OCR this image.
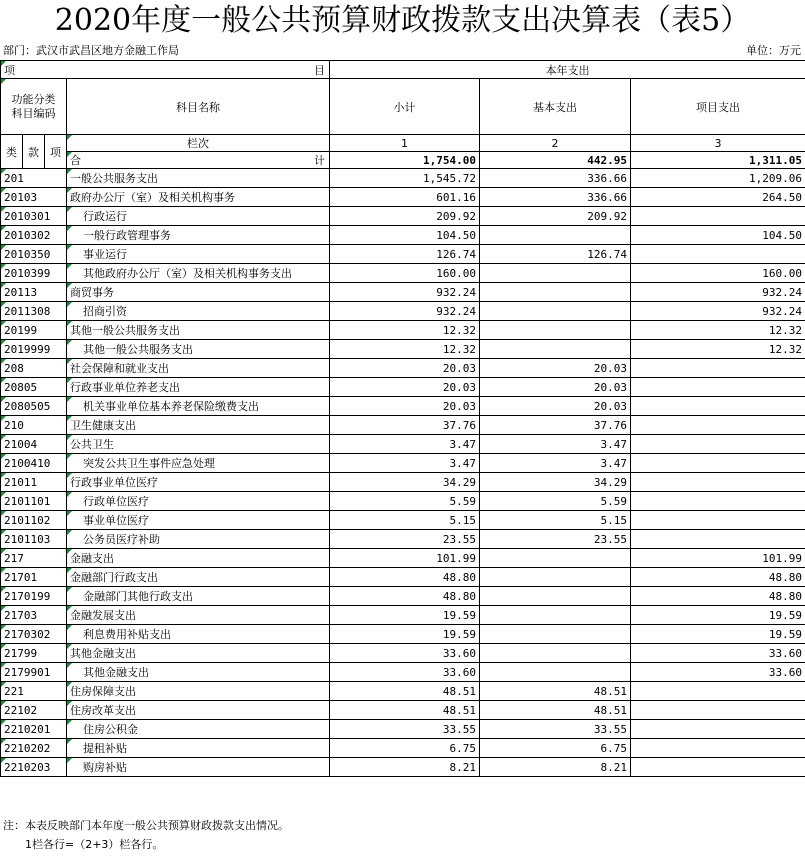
2020年度一般公共预算财政拨款支出决算表（表5）
部门：武汉市武昌区地方金融工作局	单位：万元
项 目				本年支出		
功能分类
科目编码			科目名称	小计	基本支出	项目支出
类	款	项	栏次	1	2	3

			合 计	1,754.00	442.95	1,311.05
201			一般公共服务支出	1,545.72	336.66	1,209.06
20103			政府办公厅（室）及相关机构事务	601.16	336.66	264.50
2010301			行政运行	209.92	209.92	
2010302			一般行政管理事务	104.50		104.50
2010350			事业运行	126.74	126.74	
2010399			其他政府办公厅（室）及相关机构事务支出	160.00		160.00
20113			商贸事务	932.24		932.24
2011308			招商引资	932.24		932.24
20199			其他一般公共服务支出	12.32		12.32
2019999			其他一般公共服务支出	12.32		12.32
208			社会保障和就业支出	20.03	20.03	
20805			行政事业单位养老支出	20.03	20.03	
2080505			机关事业单位基本养老保险缴费支出	20.03	20.03	
210			卫生健康支出	37.76	37.76	
21004			公共卫生	3.47	3.47	
2100410			突发公共卫生事件应急处理	3.47	3.47	
21011			行政事业单位医疗	34.29	34.29	
2101101			行政单位医疗	5.59	5.59	
2101102			事业单位医疗	5.15	5.15	
2101103			公务员医疗补助	23.55	23.55	
217			金融支出	101.99		101.99
21701			金融部门行政支出	48.80		48.80
2170199			金融部门其他行政支出	48.80		48.80
21703			金融发展支出	19.59		19.59
2170302			利息费用补贴支出	19.59		19.59
21799			其他金融支出	33.60		33.60
2179901			其他金融支出	33.60		33.60
221			住房保障支出	48.51	48.51	
22102			住房改革支出	48.51	48.51	
2210201			住房公积金	33.55	33.55	
2210202			提租补贴	6.75	6.75	
2210203			购房补贴	8.21	8.21	
注：本表反映部门本年度一般公共预算财政拨款支出情况。
1栏各行=（2+3）栏各行。
